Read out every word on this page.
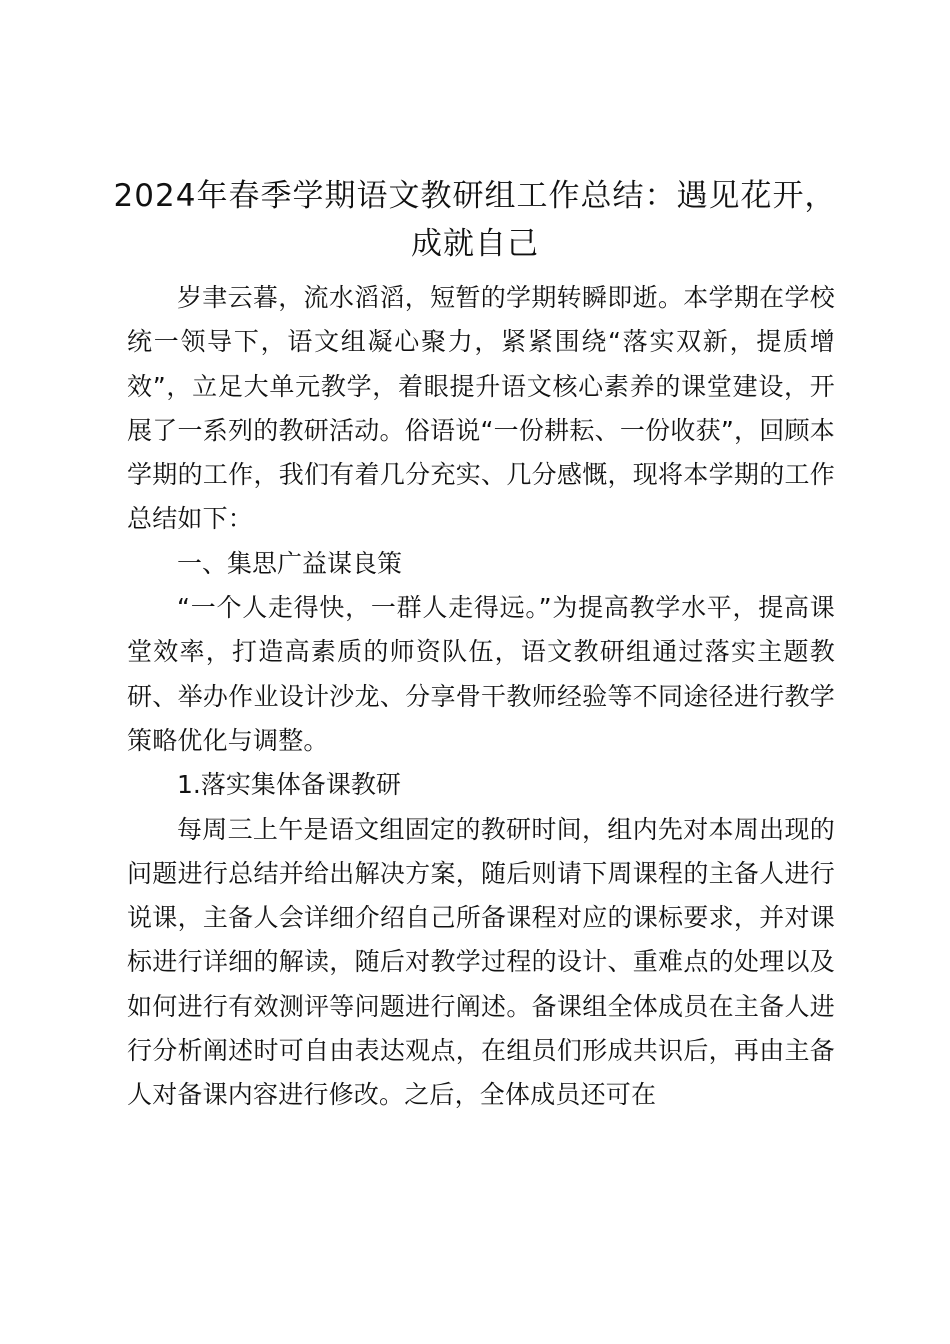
2024年春季学期语文教研组工作总结：遇见花开，成就自己

岁聿云暮，流水滔滔，短暂的学期转瞬即逝。本学期在学校统一领导下，语文组凝心聚力，紧紧围绕“落实双新，提质增效”，立足大单元教学，着眼提升语文核心素养的课堂建设，开展了一系列的教研活动。俗语说“一份耕耘、一份收获”，回顾本学期的工作，我们有着几分充实、几分感慨，现将本学期的工作总结如下：

一、集思广益谋良策

“一个人走得快，一群人走得远。”为提高教学水平，提高课堂效率，打造高素质的师资队伍，语文教研组通过落实主题教研、举办作业设计沙龙、分享骨干教师经验等不同途径进行教学策略优化与调整。

1.落实集体备课教研

每周三上午是语文组固定的教研时间，组内先对本周出现的问题进行总结并给出解决方案，随后则请下周课程的主备人进行说课，主备人会详细介绍自己所备课程对应的课标要求，并对课标进行详细的解读，随后对教学过程的设计、重难点的处理以及如何进行有效测评等问题进行阐述。备课组全体成员在主备人进行分析阐述时可自由表达观点，在组员们形成共识后，再由主备人对备课内容进行修改。之后，全体成员还可在
